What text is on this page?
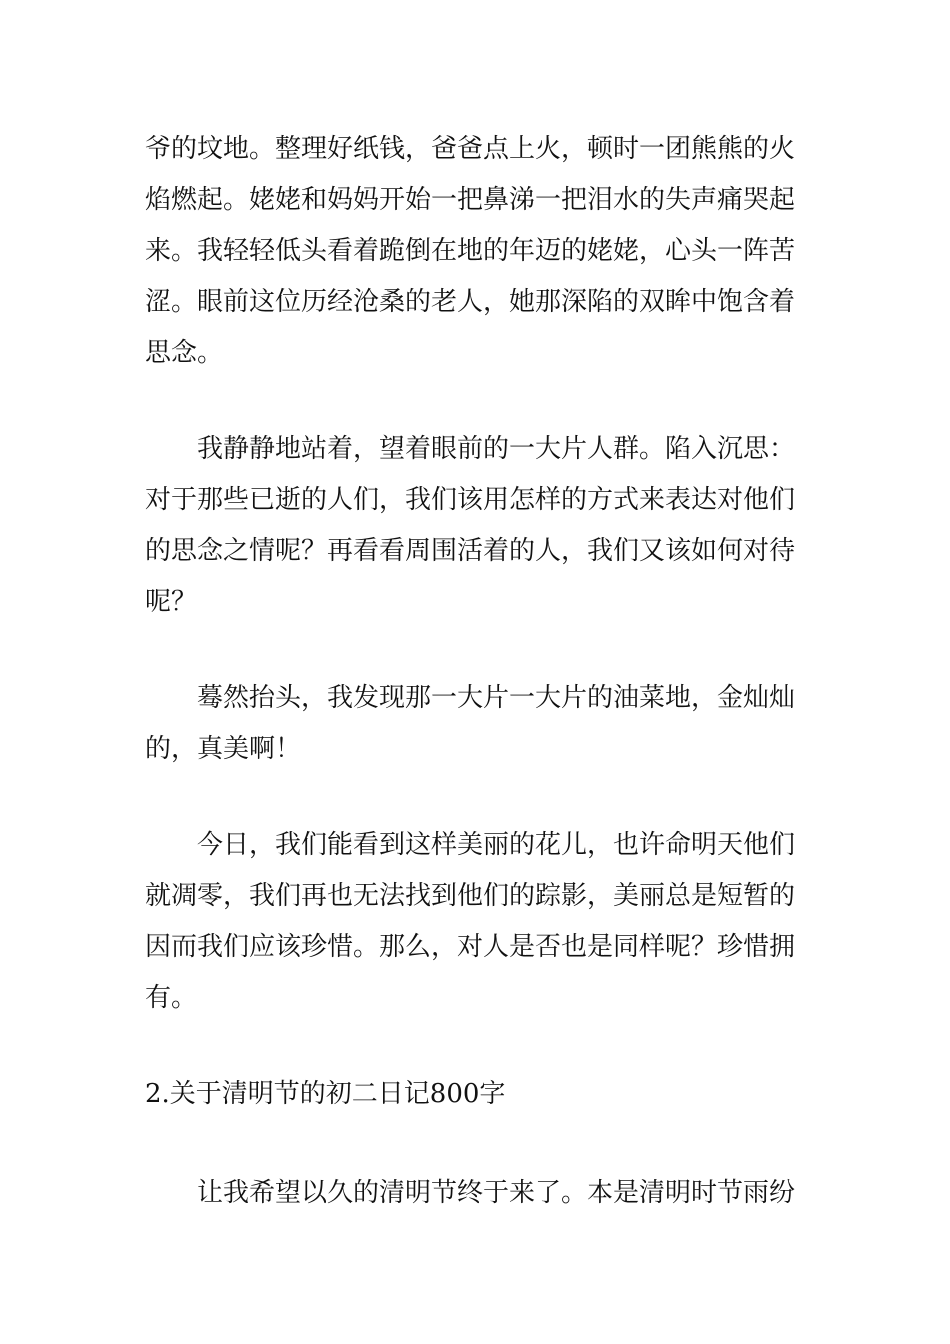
爷的坟地。整理好纸钱，爸爸点上火，顿时一团熊熊的火
焰燃起。姥姥和妈妈开始一把鼻涕一把泪水的失声痛哭起
来。我轻轻低头看着跪倒在地的年迈的姥姥，心头一阵苦
涩。眼前这位历经沧桑的老人，她那深陷的双眸中饱含着
思念。
我静静地站着，望着眼前的一大片人群。陷入沉思：
对于那些已逝的人们，我们该用怎样的方式来表达对他们
的思念之情呢？再看看周围活着的人，我们又该如何对待
呢？
蓦然抬头，我发现那一大片一大片的油菜地，金灿灿
的，真美啊！
今日，我们能看到这样美丽的花儿，也许命明天他们
就凋零，我们再也无法找到他们的踪影，美丽总是短暂的
因而我们应该珍惜。那么，对人是否也是同样呢？珍惜拥
有。
2.关于清明节的初二日记800字
让我希望以久的清明节终于来了。本是清明时节雨纷
